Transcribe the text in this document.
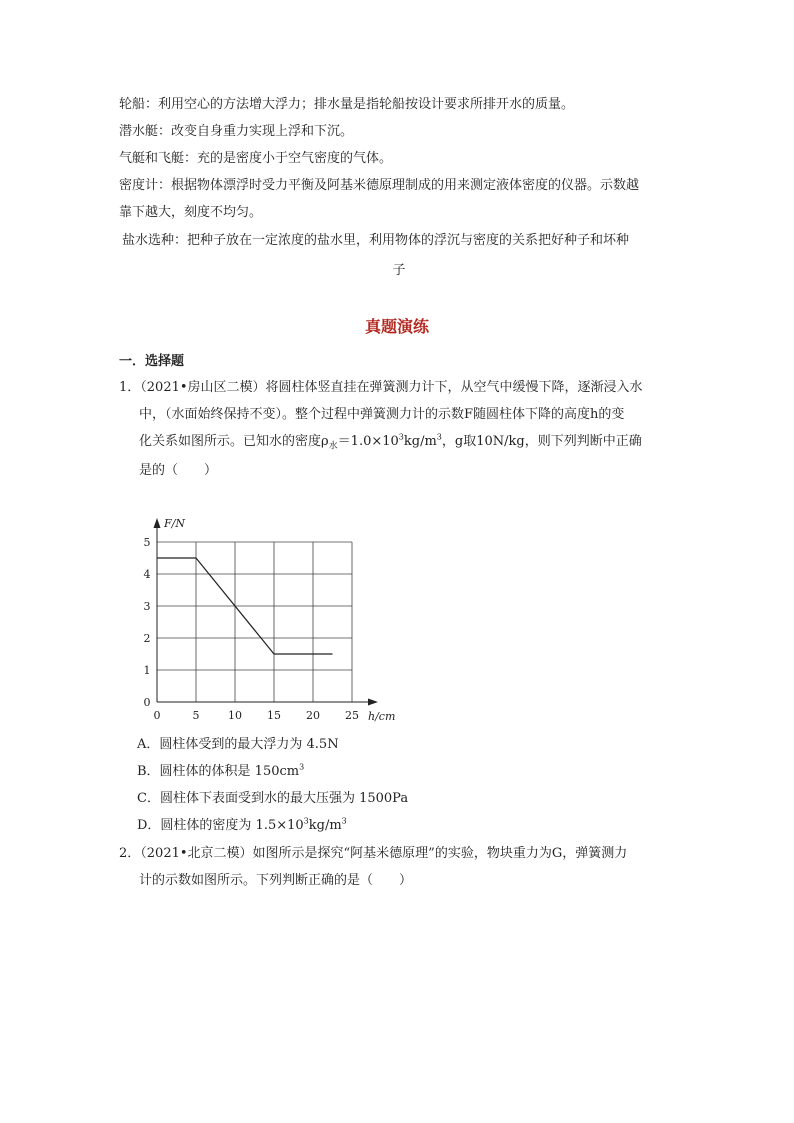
轮船：利用空心的方法增大浮力；排水量是指轮船按设计要求所排开水的质量。
潜水艇：改变自身重力实现上浮和下沉。
气艇和飞艇：充的是密度小于空气密度的气体。
密度计：根据物体漂浮时受力平衡及阿基米德原理制成的用来测定液体密度的仪器。示数越
靠下越大，刻度不均匀。
盐水选种：把种子放在一定浓度的盐水里，利用物体的浮沉与密度的关系把好种子和坏种
子
真题演练
一．选择题
1．（2021•房山区二模）将圆柱体竖直挂在弹簧测力计下，从空气中缓慢下降，逐渐浸入水
中，（水面始终保持不变）。整个过程中弹簧测力计的示数F随圆柱体下降的高度h的变
化关系如图所示。已知水的密度$\rho_水=1.0\times 10^3kg/m^3$，g取10N/kg，则下列判断中正确
是的（　　）
0	5	10 15 20 25
0
1
2
3
4
5
F/N
h/cm
A．圆柱体受到的最大浮力为 4.5N
B．圆柱体的体积是 $150cm^3$
C．圆柱体下表面受到水的最大压强为 1500Pa
D．圆柱体的密度为 $1.5\times 10^3kg/m^3$
2．（2021•北京二模）如图所示是探究“阿基米德原理”的实验，物块重力为G，弹簧测力
计的示数如图所示。下列判断正确的是（　　）
